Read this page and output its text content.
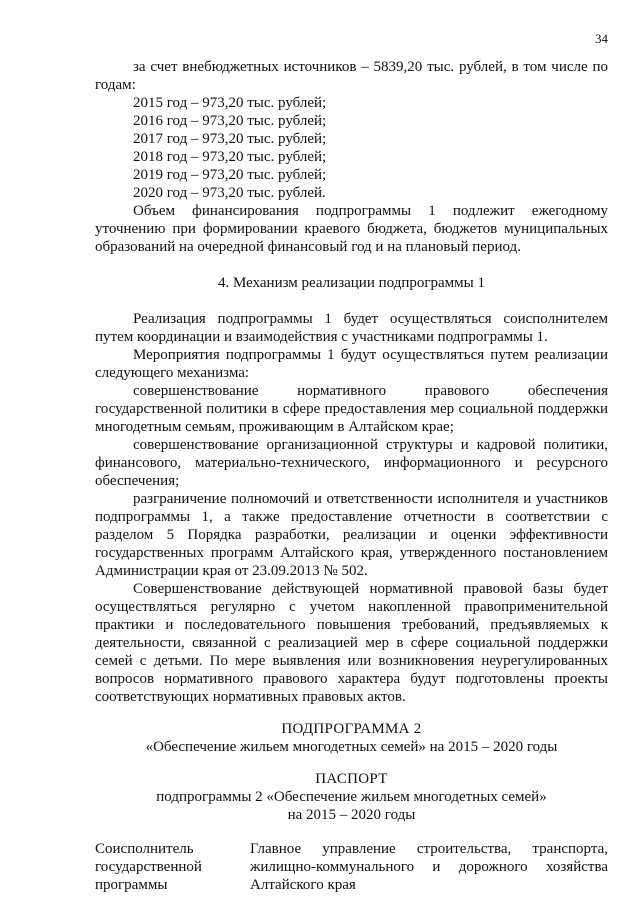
34

за счет внебюджетных источников – 5839,20 тыс. рублей, в том числе по годам:

2015 год – 973,20 тыс. рублей;

2016 год – 973,20 тыс. рублей;

2017 год – 973,20 тыс. рублей;

2018 год – 973,20 тыс. рублей;

2019 год – 973,20 тыс. рублей;

2020 год – 973,20 тыс. рублей.

Объем финансирования подпрограммы 1 подлежит ежегодному уточнению при формировании краевого бюджета, бюджетов муниципальных образований на очередной финансовый год и на плановый период.

4. Механизм реализации подпрограммы 1

Реализация подпрограммы 1 будет осуществляться соисполнителем путем координации и взаимодействия с участниками подпрограммы 1.

Мероприятия подпрограммы 1 будут осуществляться путем реализации следующего механизма:

совершенствование нормативного правового обеспечения государственной политики в сфере предоставления мер социальной поддержки многодетным семьям, проживающим в Алтайском крае;

совершенствование организационной структуры и кадровой политики, финансового, материально-технического, информационного и ресурсного обеспечения;

разграничение полномочий и ответственности исполнителя и участников подпрограммы 1, а также предоставление отчетности в соответствии с разделом 5 Порядка разработки, реализации и оценки эффективности государственных программ Алтайского края, утвержденного постановлением Администрации края от 23.09.2013 № 502.

Совершенствование действующей нормативной правовой базы будет осуществляться регулярно с учетом накопленной правоприменительной практики и последовательного повышения требований, предъявляемых к деятельности, связанной с реализацией мер в сфере социальной поддержки семей с детьми. По мере выявления или возникновения неурегулированных вопросов нормативного правового характера будут подготовлены проекты соответствующих нормативных правовых актов.

ПОДПРОГРАММА 2

«Обеспечение жильем многодетных семей» на 2015 – 2020 годы

ПАСПОРТ

подпрограммы 2 «Обеспечение жильем многодетных семей»

на 2015 – 2020 годы

Соисполнитель государственной программы
Главное управление строительства, транспорта, жилищно-коммунального и дорожного хозяйства Алтайского края
